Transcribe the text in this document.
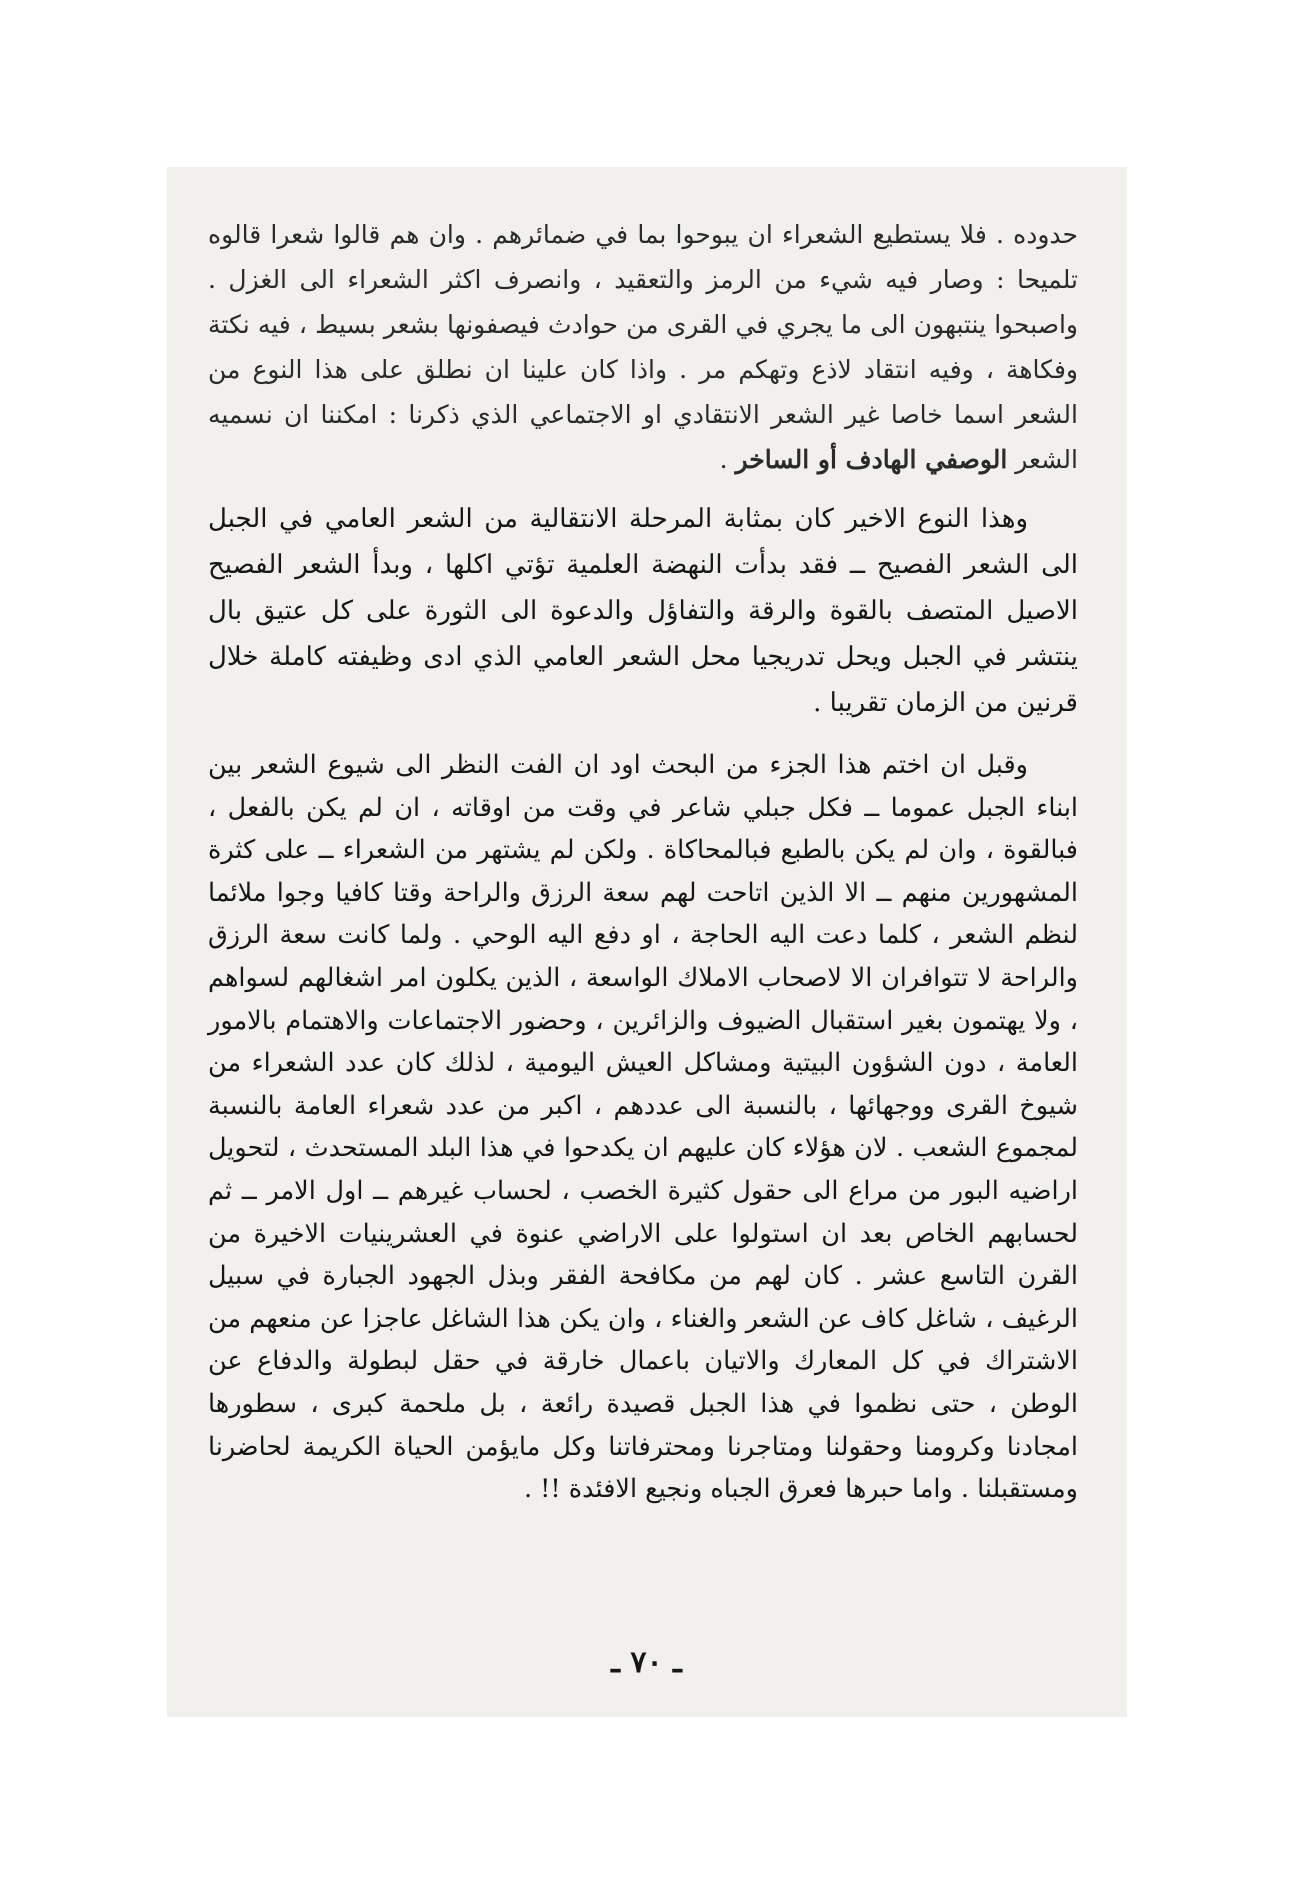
حدوده . فلا يستطيع الشعراء ان يبوحوا بما في ضمائرهم . وان هم قالوا شعرا قالوه تلميحا : وصار فيه شيء من الرمز والتعقيد ، وانصرف اكثر الشعراء الى الغزل . واصبحوا ينتبهون الى ما يجري في القرى من حوادث فيصفونها بشعر بسيط ، فيه نكتة وفكاهة ، وفيه انتقاد لاذع وتهكم مر . واذا كان علينا ان نطلق على هذا النوع من الشعر اسما خاصا غير الشعر الانتقادي او الاجتماعي الذي ذكرنا : امكننا ان نسميه الشعر الوصفي الهادف أو الساخر .

وهذا النوع الاخير كان بمثابة المرحلة الانتقالية من الشعر العامي في الجبل الى الشعر الفصيح ــ فقد بدأت النهضة العلمية تؤتي اكلها ، وبدأ الشعر الفصيح الاصيل المتصف بالقوة والرقة والتفاؤل والدعوة الى الثورة على كل عتيق بال ينتشر في الجبل ويحل تدريجيا محل الشعر العامي الذي ادى وظيفته كاملة خلال قرنين من الزمان تقريبا .

وقبل ان اختم هذا الجزء من البحث اود ان الفت النظر الى شيوع الشعر بين ابناء الجبل عموما ــ فكل جبلي شاعر في وقت من اوقاته ، ان لم يكن بالفعل ، فبالقوة ، وان لم يكن بالطبع فبالمحاكاة . ولكن لم يشتهر من الشعراء ــ على كثرة المشهورين منهم ــ الا الذين اتاحت لهم سعة الرزق والراحة وقتا كافيا وجوا ملائما لنظم الشعر ، كلما دعت اليه الحاجة ، او دفع اليه الوحي . ولما كانت سعة الرزق والراحة لا تتوافران الا لاصحاب الاملاك الواسعة ، الذين يكلون امر اشغالهم لسواهم ، ولا يهتمون بغير استقبال الضيوف والزائرين ، وحضور الاجتماعات والاهتمام بالامور العامة ، دون الشؤون البيتية ومشاكل العيش اليومية ، لذلك كان عدد الشعراء من شيوخ القرى ووجهائها ، بالنسبة الى عددهم ، اكبر من عدد شعراء العامة بالنسبة لمجموع الشعب . لان هؤلاء كان عليهم ان يكدحوا في هذا البلد المستحدث ، لتحويل اراضيه البور من مراع الى حقول كثيرة الخصب ، لحساب غيرهم ــ اول الامر ــ ثم لحسابهم الخاص بعد ان استولوا على الاراضي عنوة في العشرينيات الاخيرة من القرن التاسع عشر . كان لهم من مكافحة الفقر وبذل الجهود الجبارة في سبيل الرغيف ، شاغل كاف عن الشعر والغناء ، وان يكن هذا الشاغل عاجزا عن منعهم من الاشتراك في كل المعارك والاتيان باعمال خارقة في حقل لبطولة والدفاع عن الوطن ، حتى نظموا في هذا الجبل قصيدة رائعة ، بل ملحمة كبرى ، سطورها امجادنا وكرومنا وحقولنا ومتاجرنا ومحترفاتنا وكل مايؤمن الحياة الكريمة لحاضرنا ومستقبلنا . واما حبرها فعرق الجباه ونجيع الافئدة !! .

ـ ٧٠ ـ
